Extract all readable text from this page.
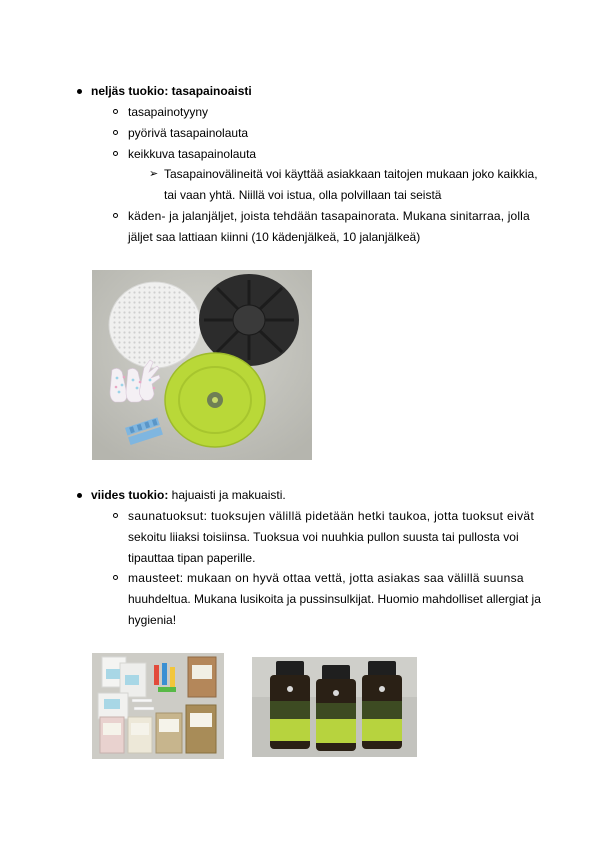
neljäs tuokio: tasapainoaisti
tasapainotyyny
pyörivä tasapainolauta
keikkuva tasapainolauta
➢ Tasapainovälineitä voi käyttää asiakkaan taitojen mukaan joko kaikkia,
tai vaan yhtä. Niillä voi istua, olla polvillaan tai seistä
käden- ja jalanjäljet, joista tehdään tasapainorata. Mukana sinitarraa, jolla
jäljet saa lattiaan kiinni (10 kädenjälkeä, 10 jalanjälkeä)
viides tuokio: hajuaisti ja makuaisti.
saunatuoksut: tuoksujen välillä pidetään hetki taukoa, jotta tuoksut eivät
sekoitu liiaksi toisiinsa. Tuoksua voi nuuhkia pullon suusta tai pullosta voi
tipauttaa tipan paperille.
mausteet: mukaan on hyvä ottaa vettä, jotta asiakas saa välillä suunsa
huuhdeltua. Mukana lusikoita ja pussinsulkijat. Huomio mahdolliset allergiat ja
hygienia!
